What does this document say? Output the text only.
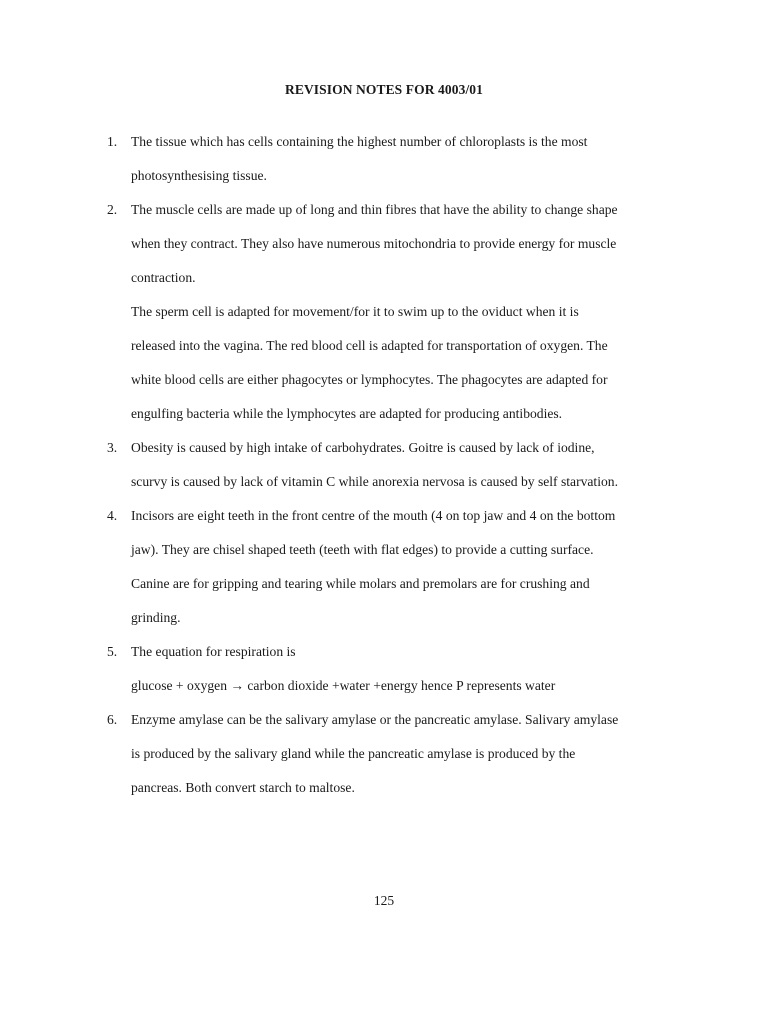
REVISION NOTES FOR 4003/01
1. The tissue which has cells containing the highest number of chloroplasts is the most
photosynthesising tissue.
2. The muscle cells are made up of long and thin fibres that have the ability to change shape
when they contract. They also have numerous mitochondria to provide energy for muscle
contraction.
The sperm cell is adapted for movement/for it to swim up to the oviduct when it is
released into the vagina. The red blood cell is adapted for transportation of oxygen. The
white blood cells are either phagocytes or lymphocytes. The phagocytes are adapted for
engulfing bacteria while the lymphocytes are adapted for producing antibodies.
3. Obesity is caused by high intake of carbohydrates. Goitre is caused by lack of iodine,
scurvy is caused by lack of vitamin C while anorexia nervosa is caused by self starvation.
4. Incisors are eight teeth in the front centre of the mouth (4 on top jaw and 4 on the bottom
jaw). They are chisel shaped teeth (teeth with flat edges) to provide a cutting surface.
Canine are for gripping and tearing while molars and premolars are for crushing and
grinding.
5. The equation for respiration is
glucose + oxygen → carbon dioxide +water +energy hence P represents water
6. Enzyme amylase can be the salivary amylase or the pancreatic amylase. Salivary amylase
is produced by the salivary gland while the pancreatic amylase is produced by the
pancreas. Both convert starch to maltose.
125
